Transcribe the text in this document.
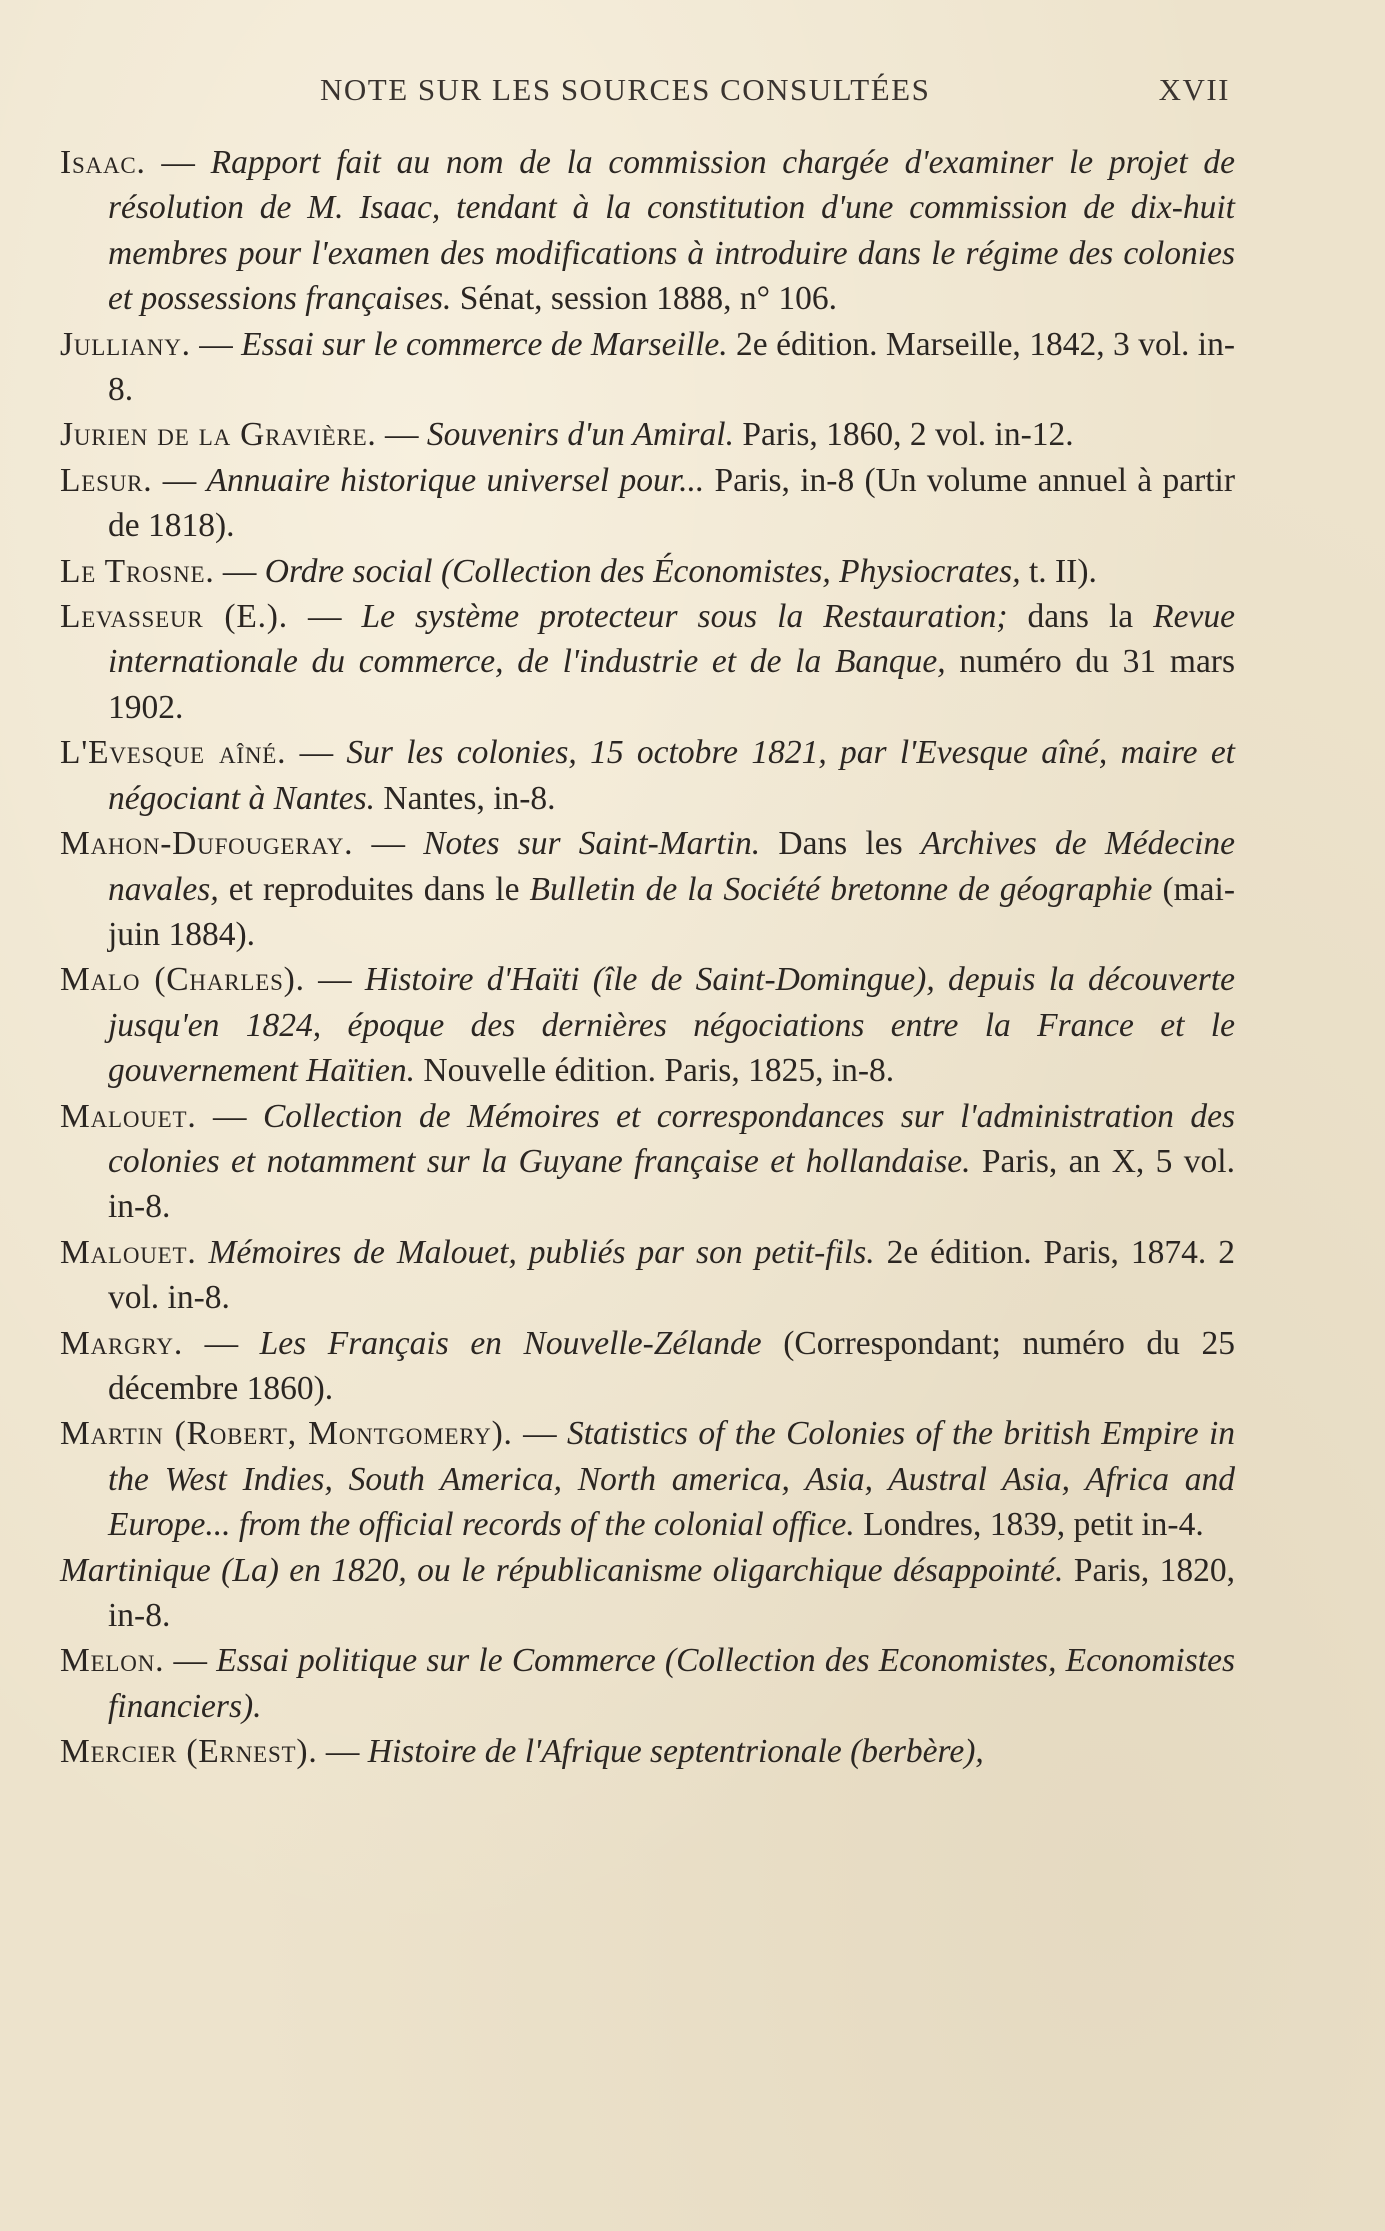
NOTE SUR LES SOURCES CONSULTÉES	XVII

Isaac. — Rapport fait au nom de la commission chargée d'examiner le projet de résolution de M. Isaac, tendant à la constitution d'une commission de dix-huit membres pour l'examen des modifications à introduire dans le régime des colonies et possessions françaises. Sénat, session 1888, n° 106.

Julliany. — Essai sur le commerce de Marseille. 2e édition. Marseille, 1842, 3 vol. in-8.

Jurien de la Gravière. — Souvenirs d'un Amiral. Paris, 1860, 2 vol. in-12.

Lesur. — Annuaire historique universel pour... Paris, in-8 (Un volume annuel à partir de 1818).

Le Trosne. — Ordre social (Collection des Économistes, Physiocrates, t. II).

Levasseur (E.). — Le système protecteur sous la Restauration; dans la Revue internationale du commerce, de l'industrie et de la Banque, numéro du 31 mars 1902.

L'Evesque aîné. — Sur les colonies, 15 octobre 1821, par l'Evesque aîné, maire et négociant à Nantes. Nantes, in-8.

Mahon-Dufougeray. — Notes sur Saint-Martin. Dans les Archives de Médecine navales, et reproduites dans le Bulletin de la Société bretonne de géographie (mai-juin 1884).

Malo (Charles). — Histoire d'Haïti (île de Saint-Domingue), depuis la découverte jusqu'en 1824, époque des dernières négociations entre la France et le gouvernement Haïtien. Nouvelle édition. Paris, 1825, in-8.

Malouet. — Collection de Mémoires et correspondances sur l'administration des colonies et notamment sur la Guyane française et hollandaise. Paris, an X, 5 vol. in-8.

Malouet. Mémoires de Malouet, publiés par son petit-fils. 2e édition. Paris, 1874. 2 vol. in-8.

Margry. — Les Français en Nouvelle-Zélande (Correspondant; numéro du 25 décembre 1860).

Martin (Robert, Montgomery). — Statistics of the Colonies of the british Empire in the West Indies, South America, North america, Asia, Austral Asia, Africa and Europe... from the official records of the colonial office. Londres, 1839, petit in-4.

Martinique (La) en 1820, ou le républicanisme oligarchique désappointé. Paris, 1820, in-8.

Melon. — Essai politique sur le Commerce (Collection des Economistes, Economistes financiers).

Mercier (Ernest). — Histoire de l'Afrique septentrionale (berbère),
